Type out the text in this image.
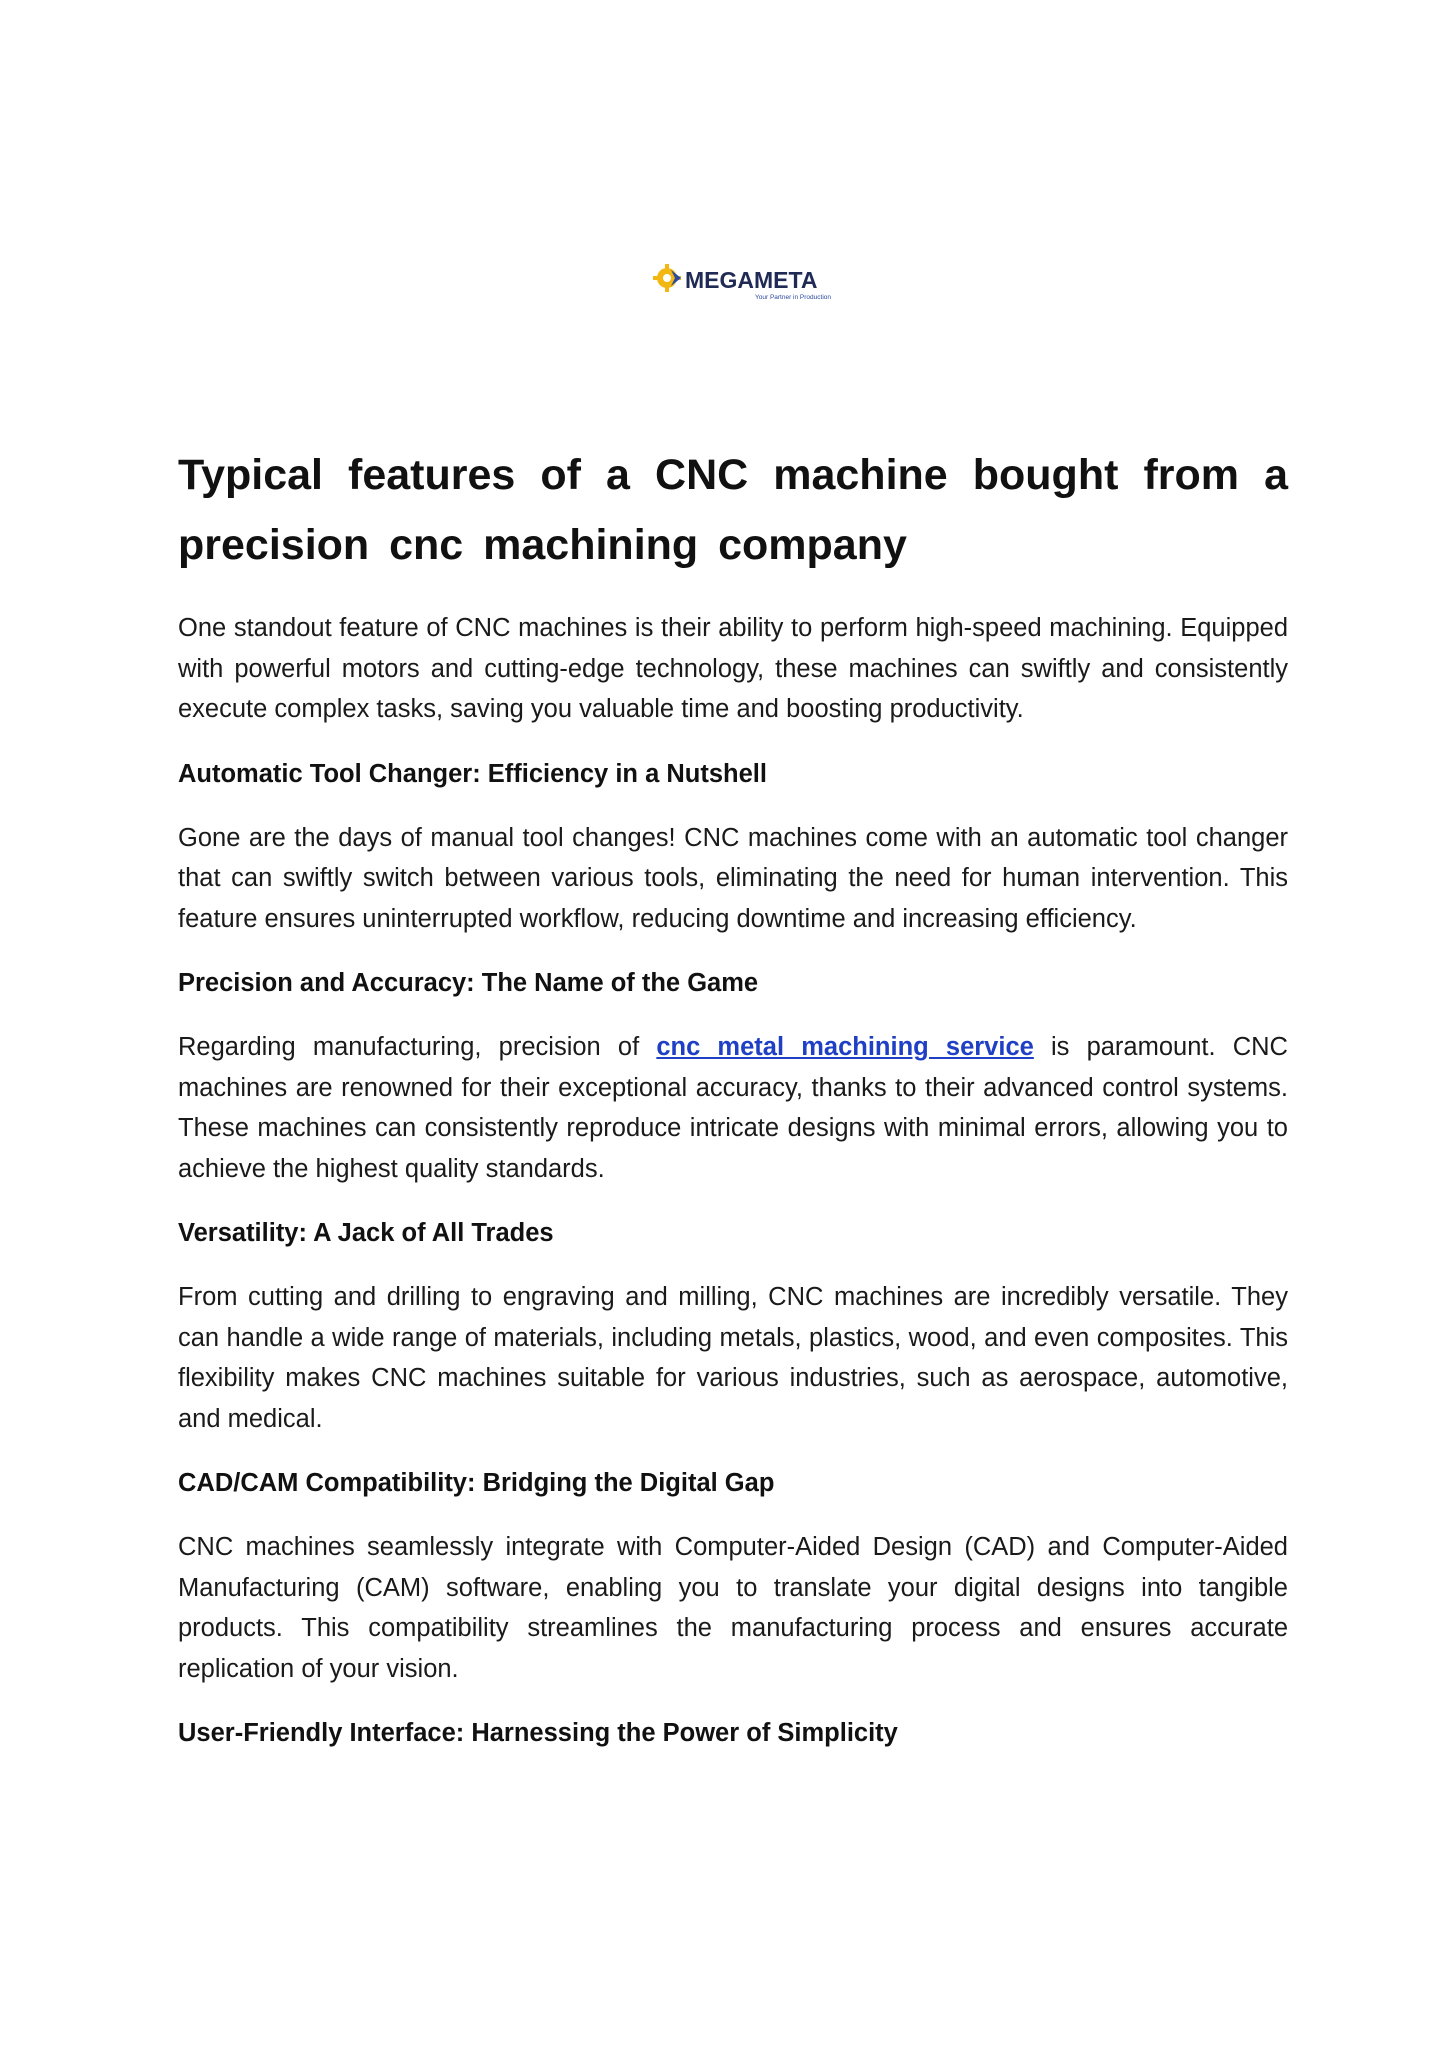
MEGAMETA
Your Partner in Production
Typical features of a CNC machine bought from a precision cnc machining company

One standout feature of CNC machines is their ability to perform high-speed machining. Equipped with powerful motors and cutting-edge technology, these machines can swiftly and consistently execute complex tasks, saving you valuable time and boosting productivity.

Automatic Tool Changer: Efficiency in a Nutshell

Gone are the days of manual tool changes! CNC machines come with an automatic tool changer that can swiftly switch between various tools, eliminating the need for human intervention. This feature ensures uninterrupted workflow, reducing downtime and increasing efficiency.

Precision and Accuracy: The Name of the Game

Regarding manufacturing, precision of cnc metal machining service is paramount. CNC machines are renowned for their exceptional accuracy, thanks to their advanced control systems. These machines can consistently reproduce intricate designs with minimal errors, allowing you to achieve the highest quality standards.

Versatility: A Jack of All Trades

From cutting and drilling to engraving and milling, CNC machines are incredibly versatile. They can handle a wide range of materials, including metals, plastics, wood, and even composites. This flexibility makes CNC machines suitable for various industries, such as aerospace, automotive, and medical.

CAD/CAM Compatibility: Bridging the Digital Gap

CNC machines seamlessly integrate with Computer-Aided Design (CAD) and Computer-Aided Manufacturing (CAM) software, enabling you to translate your digital designs into tangible products. This compatibility streamlines the manufacturing process and ensures accurate replication of your vision.

User-Friendly Interface: Harnessing the Power of Simplicity
